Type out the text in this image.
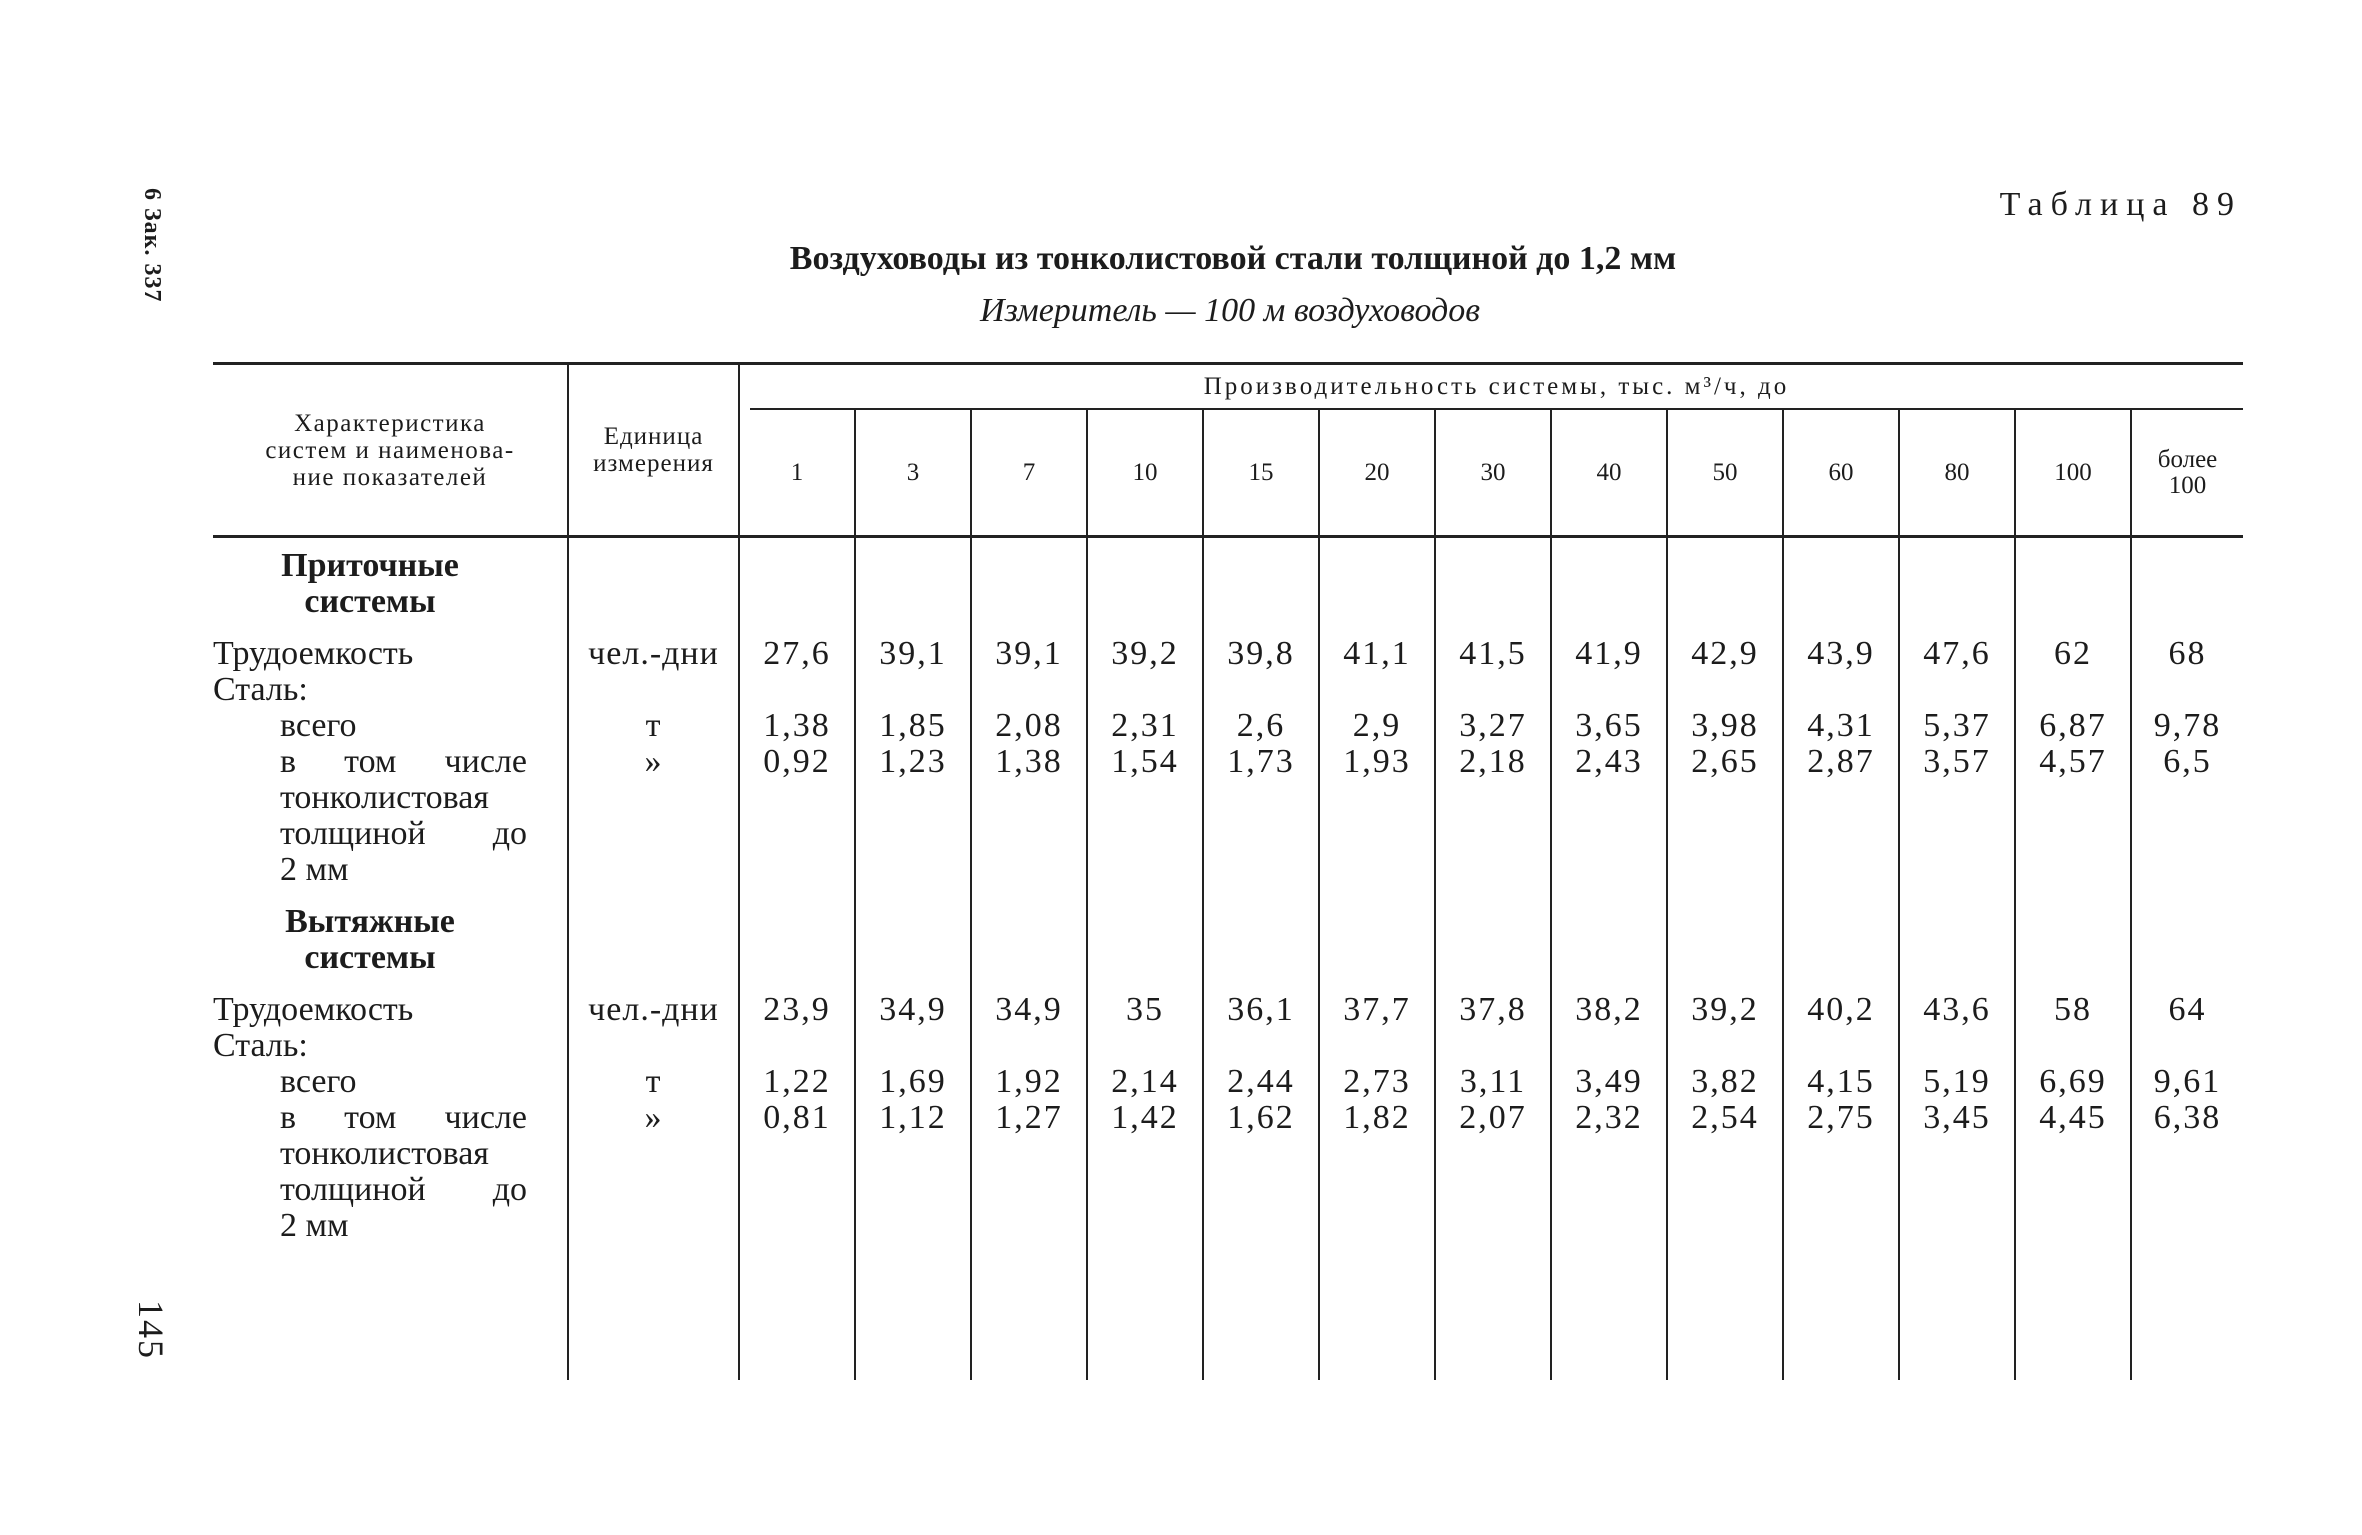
6 Зак. 337
145
Таблица 89
Воздуховоды из тонколистовой стали толщиной до 1,2 мм
Измеритель — 100 м воздуховодов
Характеристика
систем и наименова-
ние показателей
Единица
измерения
Производительность системы, тыс. м³/ч, до
1	3	7	10	15	20	30	40	50	60	80	100	более
100
Приточные
системы
Трудоемкость	чел.-дни	27,6	39,1	39,1	39,2	39,8	41,1	41,5	41,9	42,9	43,9	47,6	62	68
Сталь:
всего	т	1,38	1,85	2,08	2,31	2,6	2,9	3,27	3,65	3,98	4,31	5,37	6,87	9,78
в том числе	»	0,92	1,23	1,38	1,54	1,73	1,93	2,18	2,43	2,65	2,87	3,57	4,57	6,5
тонколистовая
толщиной до
2 мм
Вытяжные
системы
Трудоемкость	чел.-дни	23,9	34,9	34,9	35	36,1	37,7	37,8	38,2	39,2	40,2	43,6	58	64
Сталь:
всего	т	1,22	1,69	1,92	2,14	2,44	2,73	3,11	3,49	3,82	4,15	5,19	6,69	9,61
в том числе	»	0,81	1,12	1,27	1,42	1,62	1,82	2,07	2,32	2,54	2,75	3,45	4,45	6,38
тонколистовая
толщиной до
2 мм
